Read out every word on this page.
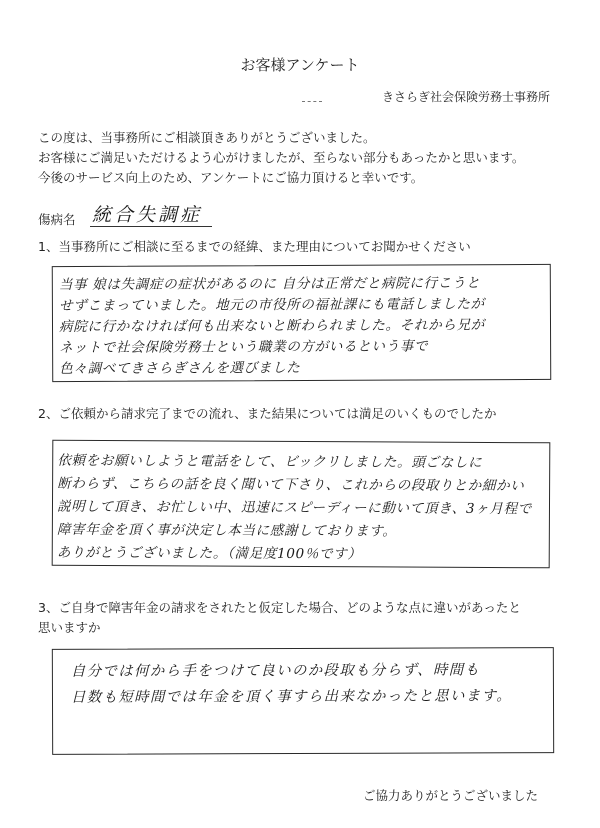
お客様アンケート
きさらぎ社会保険労務士事務所
この度は、当事務所にご相談頂きありがとうございました。
お客様にご満足いただけるよう心がけましたが、至らない部分もあったかと思います。
今後のサービス向上のため、アンケートにご協力頂けると幸いです。
傷病名 統合失調症
1、当事務所にご相談に至るまでの経緯、また理由についてお聞かせください
当事 娘は失調症の症状があるのに 自分は正常だと病院に行こうと
せずこまっていました。地元の市役所の福祉課にも電話しましたが
病院に行かなければ何も出来ないと断わられました。それから兄が
ネットで社会保険労務士という職業の方がいるという事で
色々調べてきさらぎさんを選びました
2、ご依頼から請求完了までの流れ、また結果については満足のいくものでしたか
依頼をお願いしようと電話をして、ビックリしました。頭ごなしに
断わらず、こちらの話を良く聞いて下さり、これからの段取りとか細かい
説明して頂き、お忙しい中、迅速にスピーディーに動いて頂き、3ヶ月程で
障害年金を頂く事が決定し本当に感謝しております。
ありがとうございました。（満足度100％です）
3、ご自身で障害年金の請求をされたと仮定した場合、どのような点に違いがあったと
思いますか
自分では何から手をつけて良いのか段取も分らず、時間も
日数も短時間では年金を頂く事すら出来なかったと思います。
ご協力ありがとうございました
